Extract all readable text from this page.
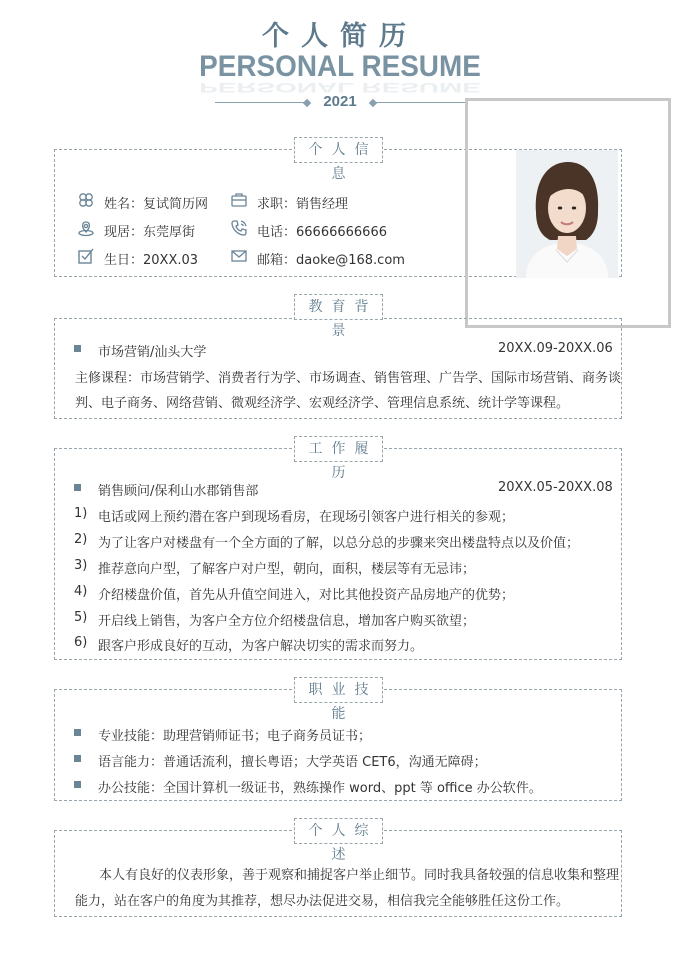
个人简历
PERSONAL RESUME
PERSONAL RESUME
2021
个人信息
姓名：复试简历网
现居：东莞厚街
生日：20XX.03
求职：销售经理
电话：66666666666
邮箱：daoke@168.com
教育背景
市场营销/汕头大学	20XX.09-20XX.06
主修课程：市场营销学、消费者行为学、市场调查、销售管理、广告学、国际市场营销、商务谈
判、电子商务、网络营销、微观经济学、宏观经济学、管理信息系统、统计学等课程。
工作履历
销售顾问/保利山水郡销售部	20XX.05-20XX.08
1) 电话或网上预约潜在客户到现场看房，在现场引领客户进行相关的参观；
2) 为了让客户对楼盘有一个全方面的了解，以总分总的步骤来突出楼盘特点以及价值；
3) 推荐意向户型，了解客户对户型，朝向，面积，楼层等有无忌讳；
4) 介绍楼盘价值，首先从升值空间进入，对比其他投资产品房地产的优势；
5) 开启线上销售，为客户全方位介绍楼盘信息，增加客户购买欲望；
6) 跟客户形成良好的互动，为客户解决切实的需求而努力。
职业技能
专业技能：助理营销师证书；电子商务员证书；
语言能力：普通话流利，擅长粤语；大学英语 CET6，沟通无障碍；
办公技能：全国计算机一级证书，熟练操作 word、ppt 等 office 办公软件。
个人综述
本人有良好的仪表形象，善于观察和捕捉客户举止细节。同时我具备较强的信息收集和整理
能力，站在客户的角度为其推荐，想尽办法促进交易，相信我完全能够胜任这份工作。
